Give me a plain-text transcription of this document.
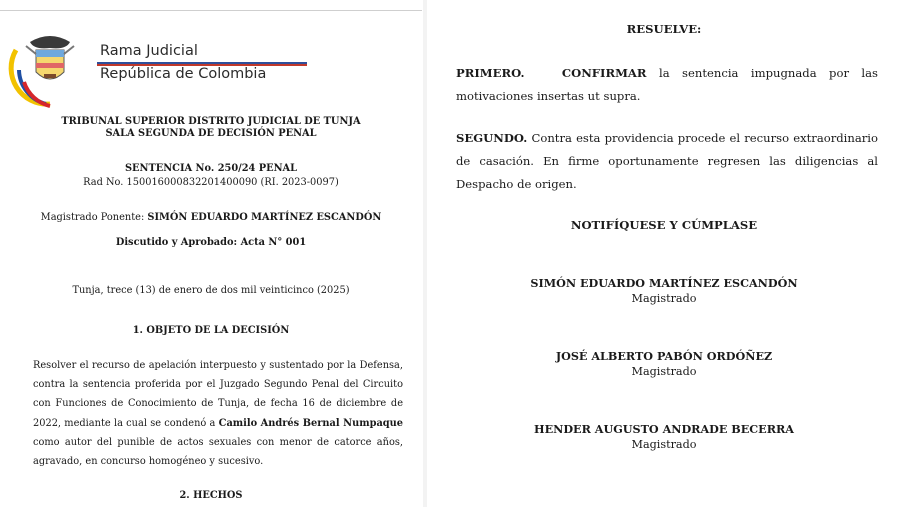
Rama Judicial
República de Colombia
TRIBUNAL SUPERIOR DISTRITO JUDICIAL DE TUNJA
SALA SEGUNDA DE DECISIÓN PENAL
SENTENCIA No. 250/24 PENAL
Rad No. 150016000832201400090 (RI. 2023-0097)
Magistrado Ponente: SIMÓN EDUARDO MARTÍNEZ ESCANDÓN
Discutido y Aprobado: Acta N° 001
Tunja, trece (13) de enero de dos mil veinticinco (2025)
1. OBJETO DE LA DECISIÓN
Resolver el recurso de apelación interpuesto y sustentado por la Defensa, contra la sentencia proferida por el Juzgado Segundo Penal del Circuito con Funciones de Conocimiento de Tunja, de fecha 16 de diciembre de 2022, mediante la cual se condenó a Camilo Andrés Bernal Numpaque como autor del punible de actos sexuales con menor de catorce años, agravado, en concurso homogéneo y sucesivo.
2. HECHOS
RESUELVE:
PRIMERO.	CONFIRMAR la sentencia impugnada por las motivaciones insertas ut supra.
SEGUNDO. Contra esta providencia procede el recurso extraordinario de casación. En firme oportunamente regresen las diligencias al Despacho de origen.
NOTIFÍQUESE Y CÚMPLASE
SIMÓN EDUARDO MARTÍNEZ ESCANDÓN
Magistrado
JOSÉ ALBERTO PABÓN ORDÓÑEZ
Magistrado
HENDER AUGUSTO ANDRADE BECERRA
Magistrado
